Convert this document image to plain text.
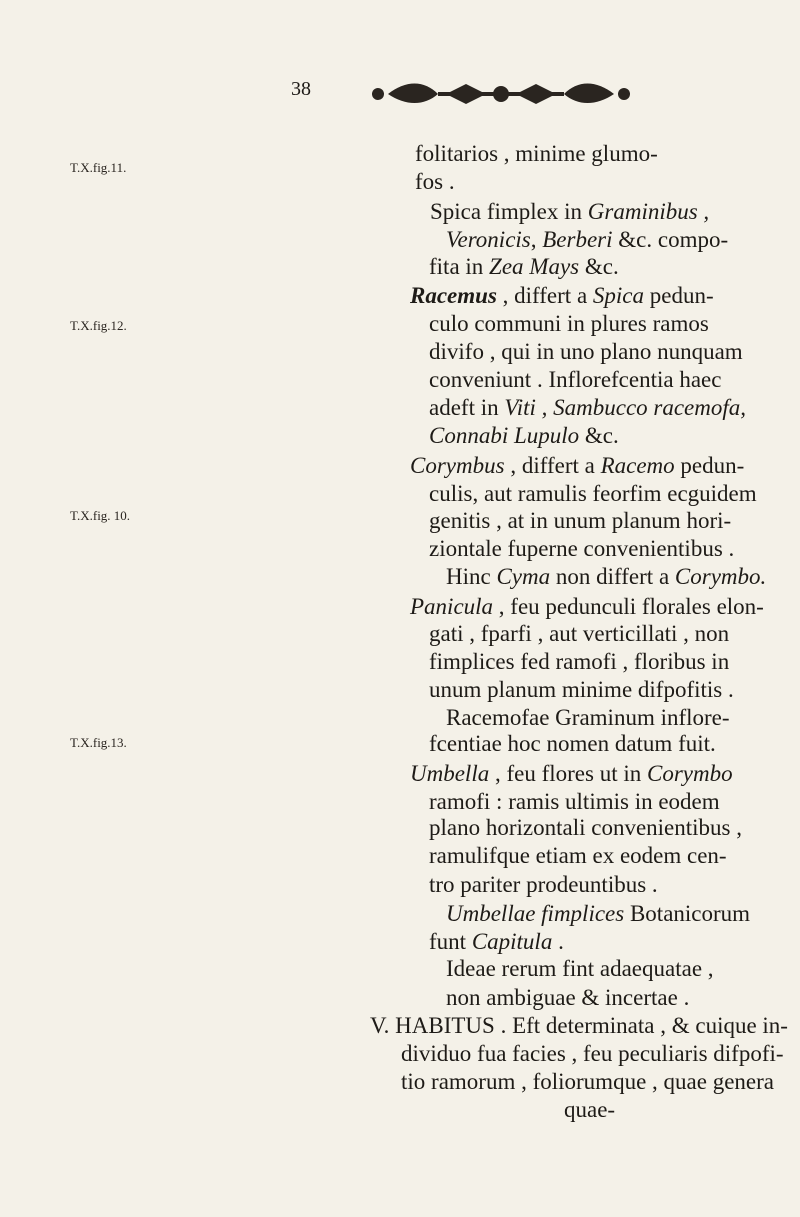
38
T.X.fig.11.
T.X.fig.12.
T.X.fig. 10.
T.X.fig.13.
folitarios , minime glumo-
fos .
Spica fimplex in Graminibus ,
Veronicis, Berberi &c. compo-
fita in Zea Mays &c.
Racemus , differt a Spica pedun-
culo communi in plures ramos
divifo , qui in uno plano nunquam
conveniunt . Inflorefcentia haec
adeft in Viti , Sambucco racemofa,
Connabi Lupulo &c.
Corymbus , differt a Racemo pedun-
culis, aut ramulis feorfim ecguidem
genitis , at in unum planum hori-
ziontale fuperne convenientibus .
Hinc Cyma non differt a Corymbo.
Panicula , feu pedunculi florales elon-
gati , fparfi , aut verticillati , non
fimplices fed ramofi , floribus in
unum planum minime difpofitis .
Racemofae Graminum inflore-
fcentiae hoc nomen datum fuit.
Umbella , feu flores ut in Corymbo
ramofi : ramis ultimis in eodem
plano horizontali convenientibus ,
ramulifque etiam ex eodem cen-
tro pariter prodeuntibus .
Umbellae fimplices Botanicorum
funt Capitula .
Ideae rerum fint adaequatae ,
non ambiguae & incertae .
V. HABITUS . Eft determinata , & cuique in-
dividuo fua facies , feu peculiaris difpofi-
tio ramorum , foliorumque , quae genera
quae-
